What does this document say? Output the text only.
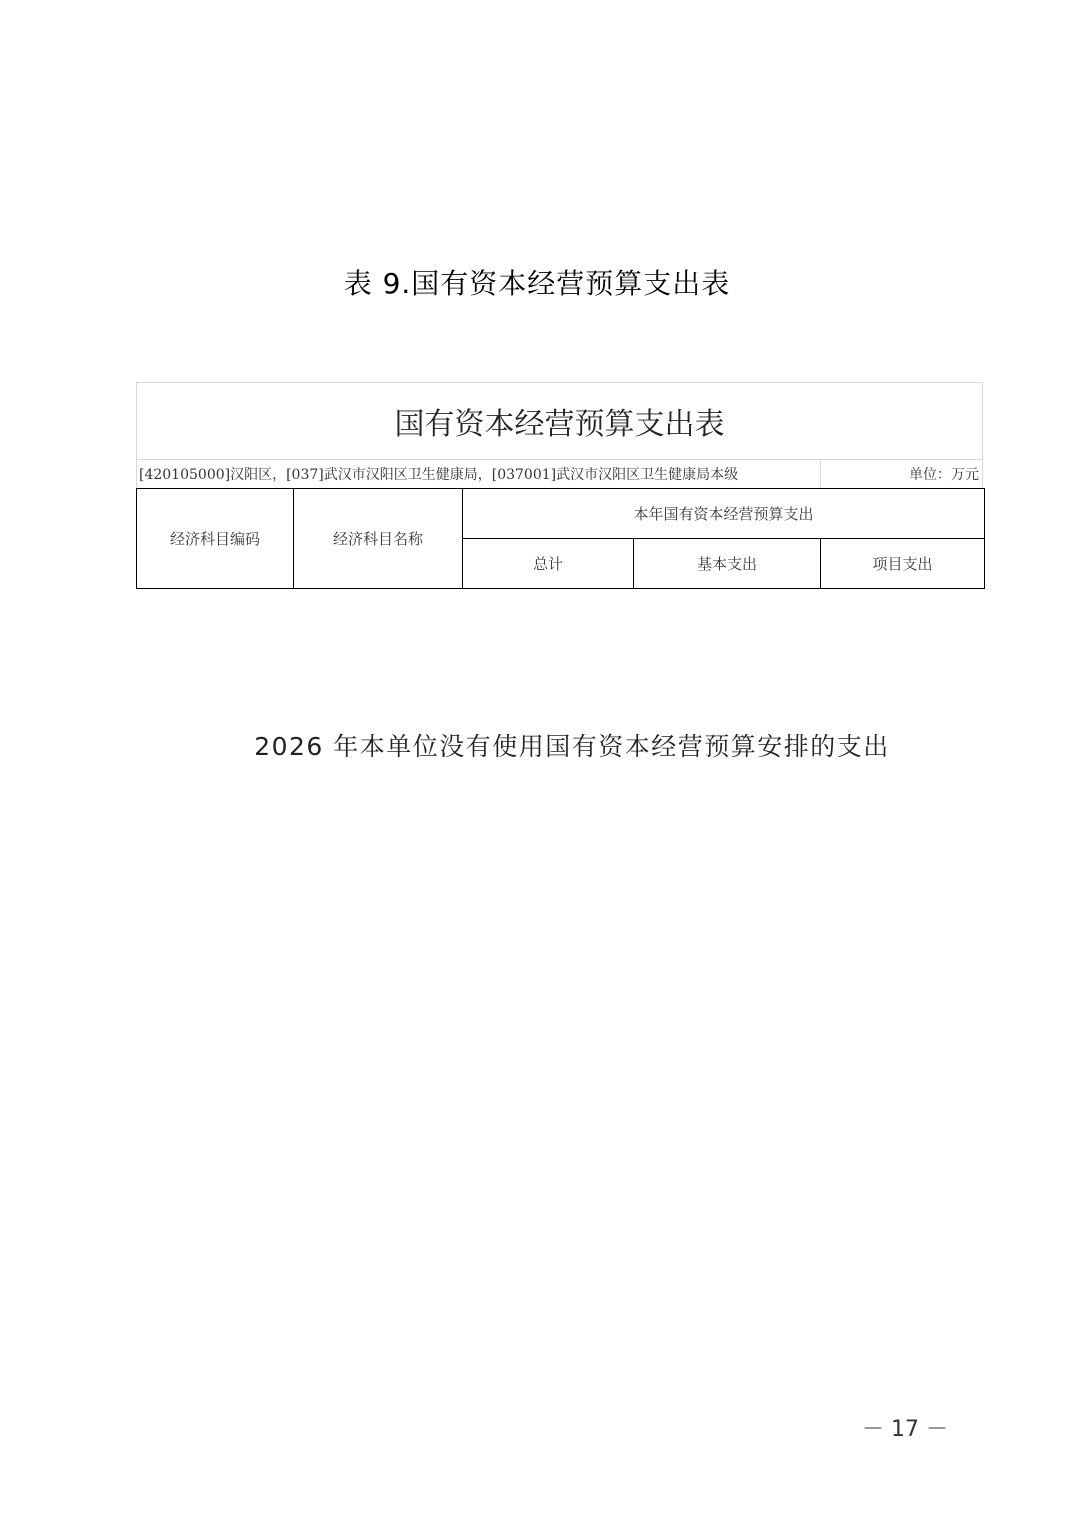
表 9.国有资本经营预算支出表
国有资本经营预算支出表
[420105000]汉阳区，[037]武汉市汉阳区卫生健康局，[037001]武汉市汉阳区卫生健康局本级	单位：万元
经济科目编码	经济科目名称	本年国有资本经营预算支出		
		总计	基本支出	项目支出

2026 年本单位没有使用国有资本经营预算安排的支出

－ 17 －
